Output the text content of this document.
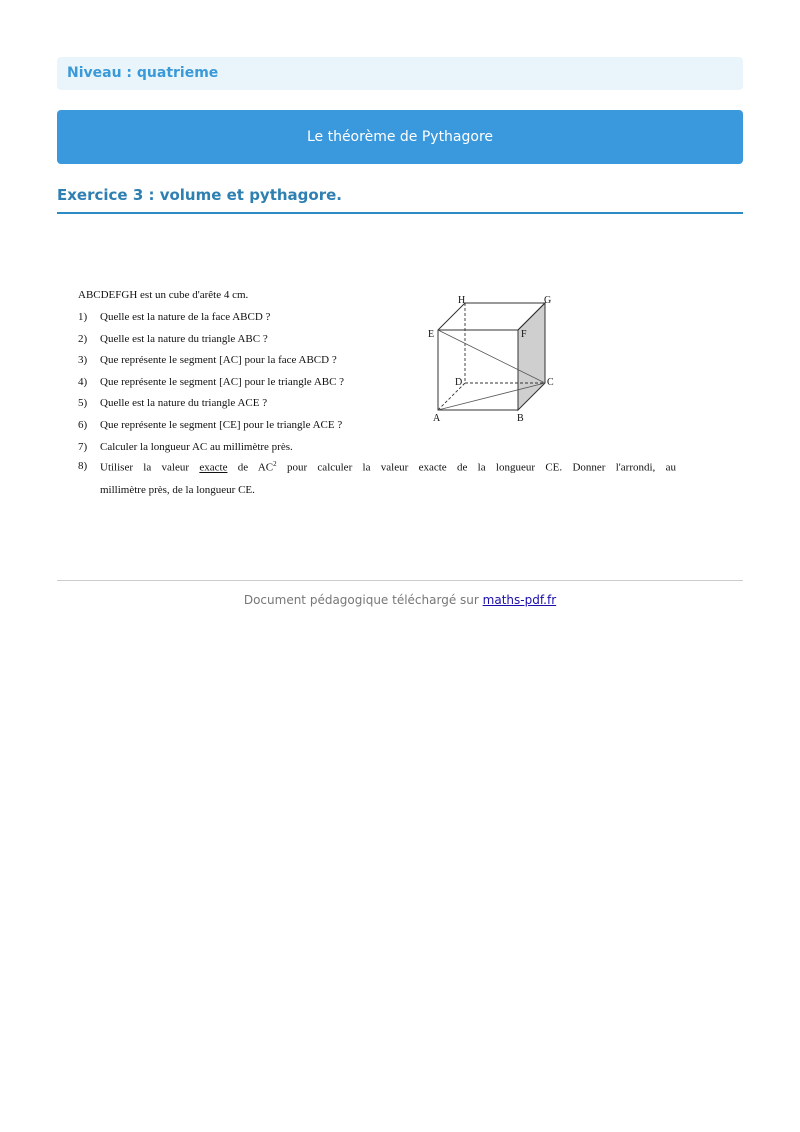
Niveau : quatrieme
Le théorème de Pythagore
Exercice 3 : volume et pythagore.
ABCDEFGH est un cube d'arête 4 cm.
1) Quelle est la nature de la face ABCD ?
2) Quelle est la nature du triangle ABC ?
3) Que représente le segment [AC] pour la face ABCD ?
4) Que représente le segment [AC] pour le triangle ABC ?
5) Quelle est la nature du triangle ACE ?
6) Que représente le segment [CE] pour le triangle ACE ?
7) Calculer la longueur AC au millimètre près.
8) Utiliser la valeur exacte de $AC^2$ pour calculer la valeur exacte de la longueur CE. Donner l'arrondi, au
millimètre près, de la longueur CE.
H	G
E	F
D	C
A	B
Document pédagogique téléchargé sur maths-pdf.fr
